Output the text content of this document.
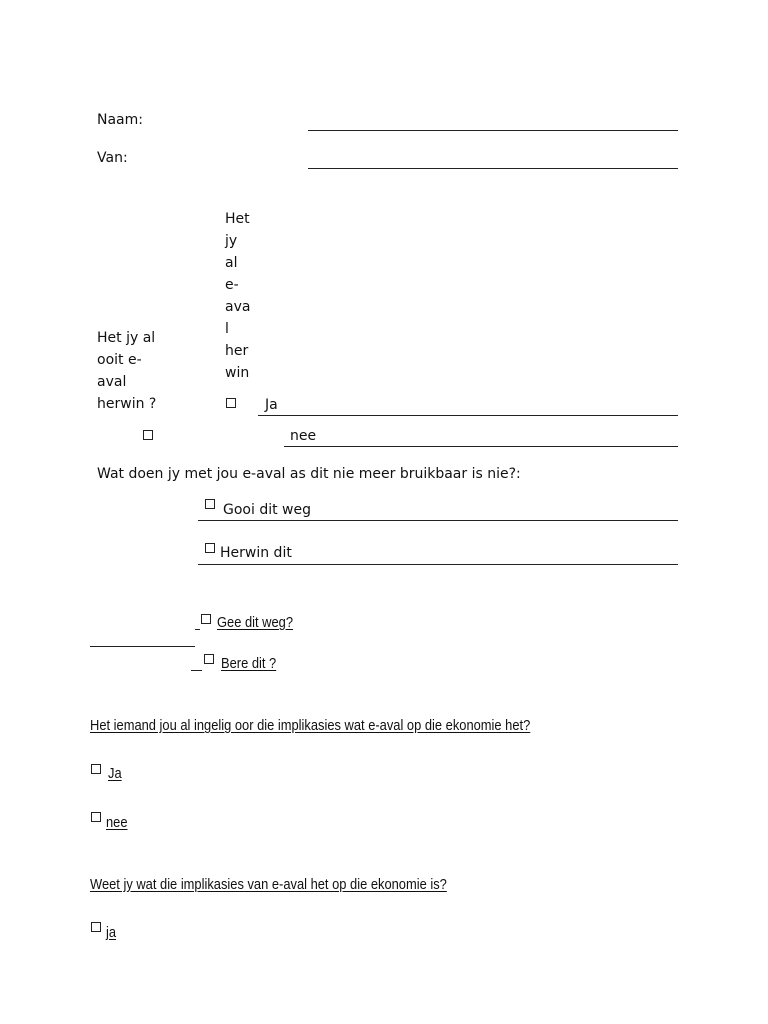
Naam:
Van:
Het
jy
al
e-
ava
l
her
win
Het jy al
ooit e-
aval
herwin ?	Ja
nee
Wat doen jy met jou e-aval as dit nie meer bruikbaar is nie?:
Gooi dit weg
Herwin dit
Gee dit weg?
Bere dit ?
Het iemand jou al ingelig oor die implikasies wat e-aval op die ekonomie het?
Ja
nee
Weet jy wat die implikasies van e-aval het op die ekonomie is?
ja
